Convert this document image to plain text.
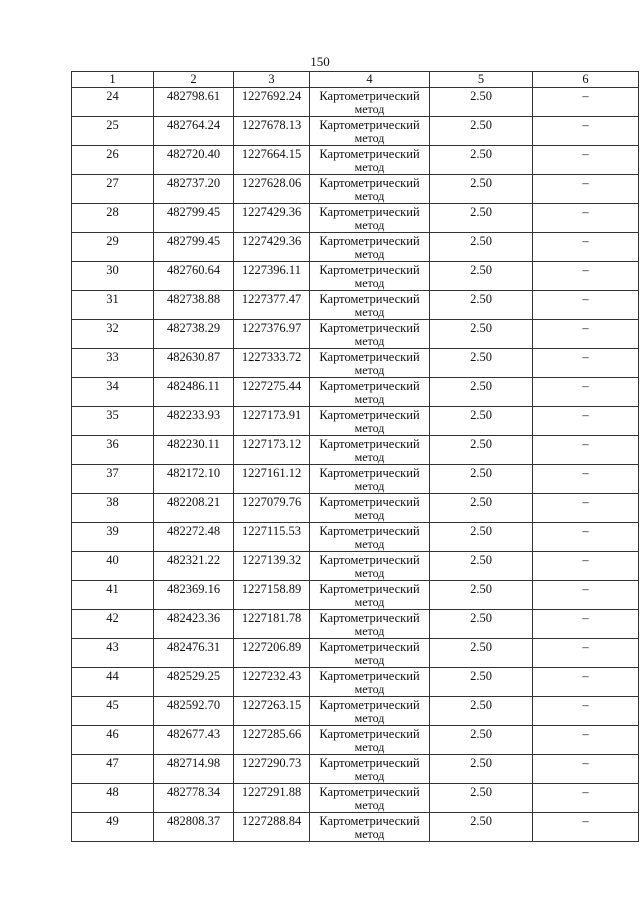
150
1	2	3	4	5	6

24	482798.61	1227692.24	Картометрический
метод	2.50	–

25	482764.24	1227678.13	Картометрический
метод	2.50	–

26	482720.40	1227664.15	Картометрический
метод	2.50	–

27	482737.20	1227628.06	Картометрический
метод	2.50	–

28	482799.45	1227429.36	Картометрический
метод	2.50	–

29	482799.45	1227429.36	Картометрический
метод	2.50	–

30	482760.64	1227396.11	Картометрический
метод	2.50	–

31	482738.88	1227377.47	Картометрический
метод	2.50	–

32	482738.29	1227376.97	Картометрический
метод	2.50	–

33	482630.87	1227333.72	Картометрический
метод	2.50	–

34	482486.11	1227275.44	Картометрический
метод	2.50	–

35	482233.93	1227173.91	Картометрический
метод	2.50	–

36	482230.11	1227173.12	Картометрический
метод	2.50	–

37	482172.10	1227161.12	Картометрический
метод	2.50	–

38	482208.21	1227079.76	Картометрический
метод	2.50	–

39	482272.48	1227115.53	Картометрический
метод	2.50	–

40	482321.22	1227139.32	Картометрический
метод	2.50	–

41	482369.16	1227158.89	Картометрический
метод	2.50	–

42	482423.36	1227181.78	Картометрический
метод	2.50	–

43	482476.31	1227206.89	Картометрический
метод	2.50	–

44	482529.25	1227232.43	Картометрический
метод	2.50	–

45	482592.70	1227263.15	Картометрический
метод	2.50	–

46	482677.43	1227285.66	Картометрический
метод	2.50	–

47	482714.98	1227290.73	Картометрический
метод	2.50	–

48	482778.34	1227291.88	Картометрический
метод	2.50	–

49	482808.37	1227288.84	Картометрический
метод	2.50	–
